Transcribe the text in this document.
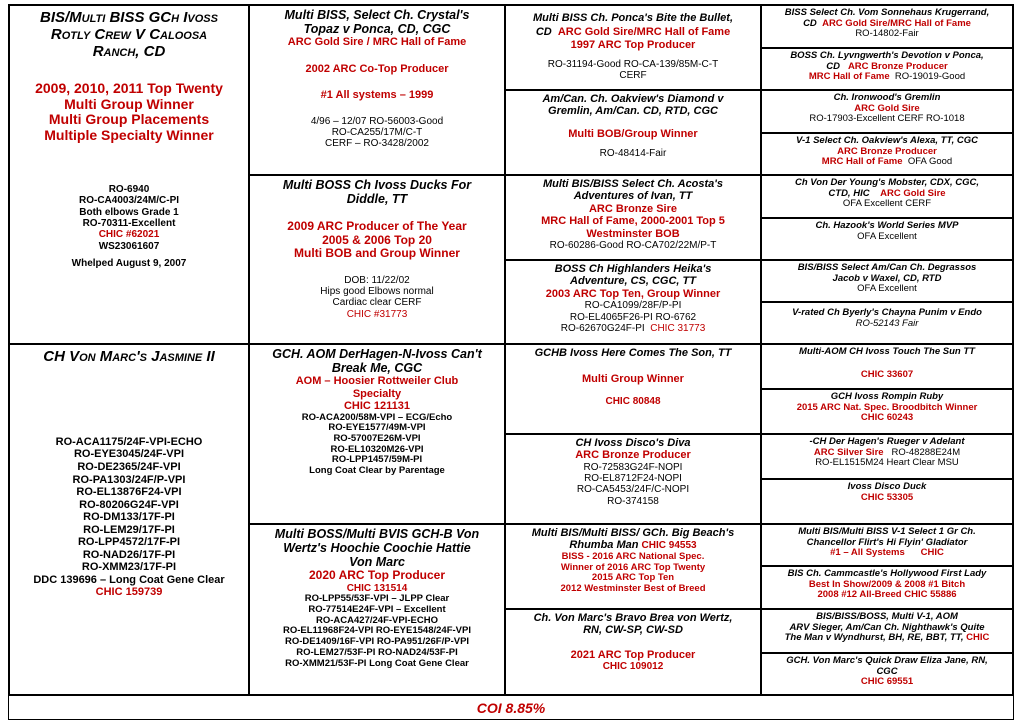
BIS/Multi BISS GCh Ivoss
Rotly Crew V Caloosa
Ranch, CD
2009, 2010, 2011 Top Twenty
Multi Group Winner
Multi Group Placements
Multiple Specialty Winner
RO-6940
RO-CA4003/24M/C-PI
Both elbows Grade 1
RO-70311-Excellent
CHIC #62021
WS23061607
Whelped August 9, 2007
CH Von Marc's Jasmine II
RO-ACA1175/24F-VPI-ECHO
RO-EYE3045/24F-VPI
RO-DE2365/24F-VPI
RO-PA1303/24F/P-VPI
RO-EL13876F24-VPI
RO-80206G24F-VPI
RO-DM133/17F-PI
RO-LEM29/17F-PI
RO-LPP4572/17F-PI
RO-NAD26/17F-PI
RO-XMM23/17F-PI
DDC 139696 – Long Coat Gene Clear
CHIC 159739
Multi BISS, Select Ch. Crystal's
Topaz v Ponca, CD, CGC
ARC Gold Sire / MRC Hall of Fame
2002 ARC Co-Top Producer
#1 All systems – 1999
4/96 – 12/07 RO-56003-Good
RO-CA255/17M/C-T
CERF – RO-3428/2002
Multi BOSS Ch Ivoss Ducks For
Diddle, TT
2009 ARC Producer of The Year
2005 & 2006 Top 20
Multi BOB and Group Winner
DOB: 11/22/02
Hips good Elbows normal
Cardiac clear CERF
CHIC #31773
GCH. AOM DerHagen-N-Ivoss Can't
Break Me, CGC
AOM – Hoosier Rottweiler Club
Specialty
CHIC 121131
RO-ACA200/58M-VPI – ECG/Echo
RO-EYE1577/49M-VPI
RO-57007E26M-VPI
RO-EL10320M26-VPI
RO-LPP1457/59M-PI
Long Coat Clear by Parentage
Multi BOSS/Multi BVIS GCH-B Von
Wertz's Hoochie Coochie Hattie
Von Marc
2020 ARC Top Producer
CHIC 131514
RO-LPP55/53F-VPI – JLPP Clear
RO-77514E24F-VPI – Excellent
RO-ACA427/24F-VPI-ECHO
RO-EL11968F24-VPI RO-EYE1548/24F-VPI
RO-DE1409/16F-VPI RO-PA951/26F/P-VPI
RO-LEM27/53F-PI RO-NAD24/53F-PI
RO-XMM21/53F-PI Long Coat Gene Clear
Multi BISS Ch. Ponca's Bite the Bullet,
CD ARC Gold Sire/MRC Hall of Fame
1997 ARC Top Producer
RO-31194-Good RO-CA-139/85M-C-T
CERF
Am/Can. Ch. Oakview's Diamond v
Gremlin, Am/Can. CD, RTD, CGC
Multi BOB/Group Winner
RO-48414-Fair
Multi BIS/BISS Select Ch. Acosta's
Adventures of Ivan, TT
ARC Bronze Sire
MRC Hall of Fame, 2000-2001 Top 5
Westminster BOB
RO-60286-Good RO-CA702/22M/P-T
BOSS Ch Highlanders Heika's
Adventure, CS, CGC, TT
2003 ARC Top Ten, Group Winner
RO-CA1099/28F/P-PI
RO-EL4065F26-PI RO-6762
RO-62670G24F-PI CHIC 31773
GCHB Ivoss Here Comes The Son, TT
Multi Group Winner
CHIC 80848
CH Ivoss Disco's Diva
ARC Bronze Producer
RO-72583G24F-NOPI
RO-EL8712F24-NOPI
RO-CA5453/24F/C-NOPI
RO-374158
Multi BIS/Multi BISS/ GCh. Big Beach's
Rhumba Man CHIC 94553
BISS - 2016 ARC National Spec.
Winner of 2016 ARC Top Twenty
2015 ARC Top Ten
2012 Westminster Best of Breed
Ch. Von Marc's Bravo Brea von Wertz,
RN, CW-SP, CW-SD
2021 ARC Top Producer
CHIC 109012
BISS Select Ch. Vom Sonnehaus Krugerrand,
CD ARC Gold Sire/MRC Hall of Fame
RO-14802-Fair
BOSS Ch. Lyvngwerth's Devotion v Ponca,
CD ARC Bronze Producer
MRC Hall of Fame RO-19019-Good
Ch. Ironwood's Gremlin
ARC Gold Sire
RO-17903-Excellent CERF RO-1018
V-1 Select Ch. Oakview's Alexa, TT, CGC
ARC Bronze Producer
MRC Hall of Fame OFA Good
Ch Von Der Young's Mobster, CDX, CGC,
CTD, HIC ARC Gold Sire
OFA Excellent CERF
Ch. Hazook's World Series MVP
OFA Excellent
BIS/BISS Select Am/Can Ch. Degrassos
Jacob v Waxel, CD, RTD
OFA Excellent
V-rated Ch Byerly's Chayna Punim v Endo
RO-52143 Fair
Multi-AOM CH Ivoss Touch The Sun TT
CHIC 33607
GCH Ivoss Rompin Ruby
2015 ARC Nat. Spec. Broodbitch Winner
CHIC 60243
-CH Der Hagen's Rueger v Adelant
ARC Silver Sire RO-48288E24M
RO-EL1515M24 Heart Clear MSU
Ivoss Disco Duck
CHIC 53305
Multi BIS/Multi BISS V-1 Select 1 Gr Ch.
Chancellor Flirt's Hi Flyin' Gladiator
#1 – All Systems CHIC
BIS Ch. Cammcastle's Hollywood First Lady
Best In Show/2009 & 2008 #1 Bitch
2008 #12 All-Breed CHIC 55886
BIS/BISS/BOSS, Multi V-1, AOM
ARV Sieger, Am/Can Ch. Nighthawk's Quite
The Man v Wyndhurst, BH, RE, BBT, TT, CHIC
GCH. Von Marc's Quick Draw Eliza Jane, RN,
CGC
CHIC 69551
COI 8.85%
